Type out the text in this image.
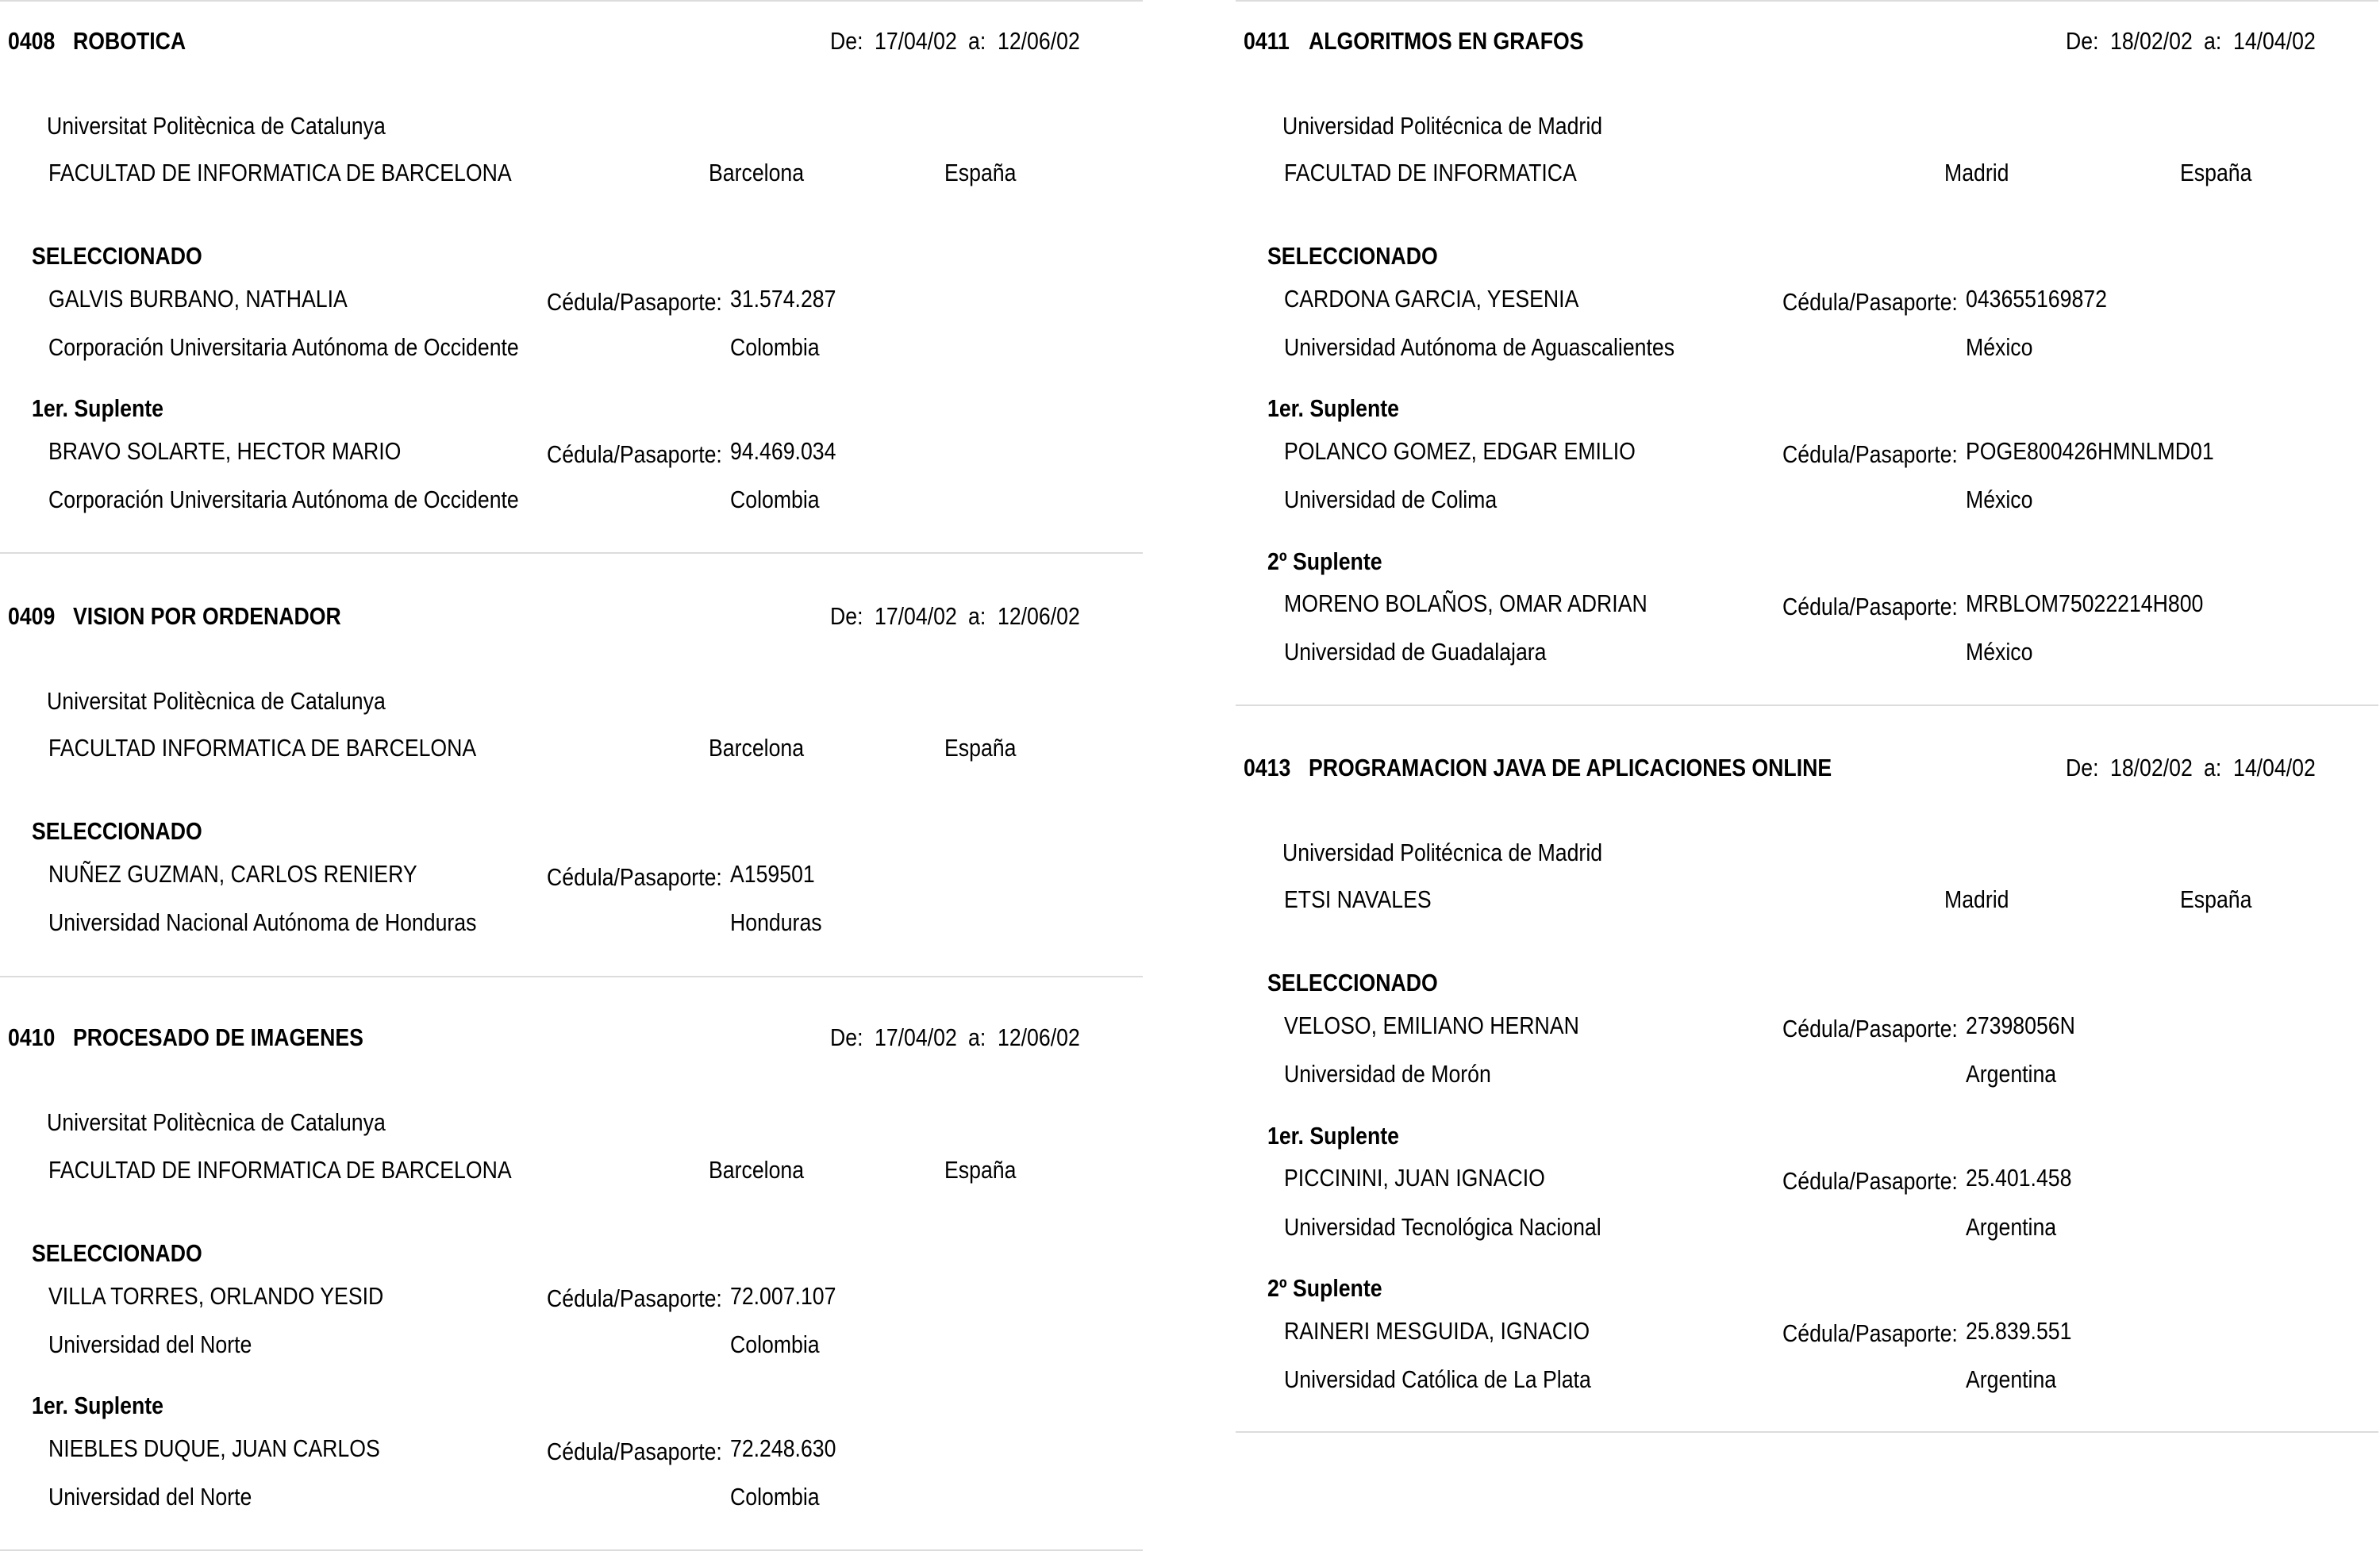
0408 ROBOTICA	De: 17/04/02 a: 12/06/02
Universitat Politècnica de Catalunya
FACULTAD DE INFORMATICA DE BARCELONA	Barcelona	España
SELECCIONADO
GALVIS BURBANO, NATHALIA	Cédula/Pasaporte: 31.574.287
Corporación Universitaria Autónoma de Occidente	Colombia
1er. Suplente
BRAVO SOLARTE, HECTOR MARIO	Cédula/Pasaporte: 94.469.034
Corporación Universitaria Autónoma de Occidente	Colombia
0409 VISION POR ORDENADOR	De: 17/04/02 a: 12/06/02
Universitat Politècnica de Catalunya
FACULTAD INFORMATICA DE BARCELONA	Barcelona	España
SELECCIONADO
NUÑEZ GUZMAN, CARLOS RENIERY	Cédula/Pasaporte: A159501
Universidad Nacional Autónoma de Honduras	Honduras
0410 PROCESADO DE IMAGENES	De: 17/04/02 a: 12/06/02
Universitat Politècnica de Catalunya
FACULTAD DE INFORMATICA DE BARCELONA	Barcelona	España
SELECCIONADO
VILLA TORRES, ORLANDO YESID	Cédula/Pasaporte: 72.007.107
Universidad del Norte	Colombia
1er. Suplente
NIEBLES DUQUE, JUAN CARLOS	Cédula/Pasaporte: 72.248.630
Universidad del Norte	Colombia
0411 ALGORITMOS EN GRAFOS	De: 18/02/02 a: 14/04/02
Universidad Politécnica de Madrid
FACULTAD DE INFORMATICA	Madrid	España
SELECCIONADO
CARDONA GARCIA, YESENIA	Cédula/Pasaporte: 043655169872
Universidad Autónoma de Aguascalientes	México
1er. Suplente
POLANCO GOMEZ, EDGAR EMILIO	Cédula/Pasaporte: POGE800426HMNLMD01
Universidad de Colima	México
2º Suplente
MORENO BOLAÑOS, OMAR ADRIAN	Cédula/Pasaporte: MRBLOM75022214H800
Universidad de Guadalajara	México
0413 PROGRAMACION JAVA DE APLICACIONES ONLINE	De: 18/02/02 a: 14/04/02
Universidad Politécnica de Madrid
ETSI NAVALES	Madrid	España
SELECCIONADO
VELOSO, EMILIANO HERNAN	Cédula/Pasaporte: 27398056N
Universidad de Morón	Argentina
1er. Suplente
PICCININI, JUAN IGNACIO	Cédula/Pasaporte: 25.401.458
Universidad Tecnológica Nacional	Argentina
2º Suplente
RAINERI MESGUIDA, IGNACIO	Cédula/Pasaporte: 25.839.551
Universidad Católica de La Plata	Argentina
